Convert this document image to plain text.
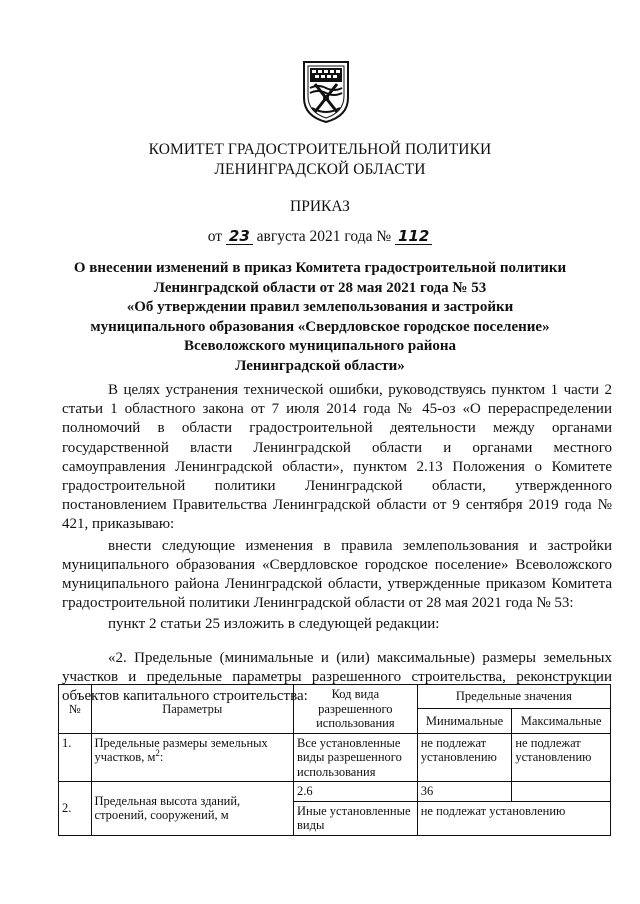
КОМИТЕТ ГРАДОСТРОИТЕЛЬНОЙ ПОЛИТИКИ
ЛЕНИНГРАДСКОЙ ОБЛАСТИ
ПРИКАЗ
от 23 августа 2021 года № 112
О внесении изменений в приказ Комитета градостроительной политики
Ленинградской области от 28 мая 2021 года № 53
«Об утверждении правил землепользования и застройки
муниципального образования «Свердловское городское поселение»
Всеволожского муниципального района
Ленинградской области»

В целях устранения технической ошибки, руководствуясь пунктом 1 части 2 статьи 1 областного закона от 7 июля 2014 года № 45-оз «О перераспределении полномочий в области градостроительной деятельности между органами государственной власти Ленинградской области и органами местного самоуправления Ленинградской области», пунктом 2.13 Положения о Комитете градостроительной политики Ленинградской области, утвержденного постановлением Правительства Ленинградской области от 9 сентября 2019 года № 421, приказываю:

внести следующие изменения в правила землепользования и застройки муниципального образования «Свердловское городское поселение» Всеволожского муниципального района Ленинградской области, утвержденные приказом Комитета градостроительной политики Ленинградской области от 28 мая 2021 года № 53:

пункт 2 статьи 25 изложить в следующей редакции:

«2. Предельные (минимальные и (или) максимальные) размеры земельных участков и предельные параметры разрешенного строительства, реконструкции объектов капитального строительства:

№	Параметры	Код вида разрешенного использования	Предельные значения	
			Минимальные	Максимальные
1.	Предельные размеры земельных участков, $м^2$:	Все установленные виды разрешенного использования	не подлежат установлению	не подлежат установлению
2.	Предельная высота зданий, строений, сооружений, м	2.6	36	
		Иные установленные виды	не подлежат установлению	
